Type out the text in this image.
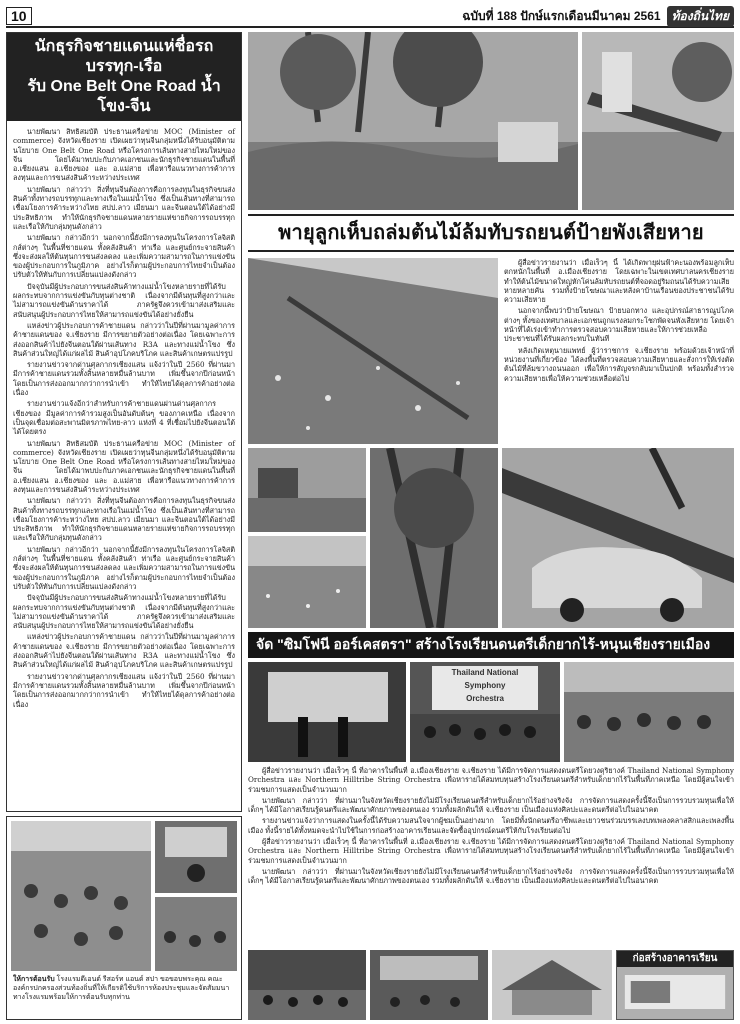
10	ฉบับที่ 188 ปักษ์แรกเดือนมีนาคม 2561 ท้องถิ่นไทย
นักธุรกิจชายแดนแห่ชื่อรถบรรทุก-เรือ
รับ One Belt One Road น้ำโขง-จีน

นายพัฒนา สิทธิสมบัติ ประธานเครือข่าย MOC (Minister of commerce) จังหวัดเชียงราย เปิดเผยว่าทุนจีนกลุ่มหนึ่งได้รับอนุมัติตามนโยบาย One Belt One Road หรือโครงการเส้นทางสายไหมใหม่ของจีน โดยได้มาพบปะกับภาคเอกชนและนักธุรกิจชายแดนในพื้นที่ อ.เชียงแสน อ.เชียงของ และ อ.แม่สาย เพื่อหารือแนวทางการค้าการลงทุนและการขนส่งสินค้าระหว่างประเทศ

นายพัฒนา กล่าวว่า สิ่งที่ทุนจีนต้องการคือการลงทุนในธุรกิจขนส่งสินค้าทั้งทางรถบรรทุกและทางเรือในแม่น้ำโขง ซึ่งเป็นเส้นทางที่สามารถเชื่อมโยงการค้าระหว่างไทย สปป.ลาว เมียนมา และจีนตอนใต้ได้อย่างมีประสิทธิภาพ ทำให้นักธุรกิจชายแดนหลายรายแห่ขายกิจการรถบรรทุกและเรือให้กับกลุ่มทุนดังกล่าว

นายพัฒนา กล่าวอีกว่า นอกจากนี้ยังมีการลงทุนในโครงการโลจิสติกส์ต่างๆ ในพื้นที่ชายแดน ทั้งคลังสินค้า ท่าเรือ และศูนย์กระจายสินค้า ซึ่งจะส่งผลให้ต้นทุนการขนส่งลดลง และเพิ่มความสามารถในการแข่งขันของผู้ประกอบการในภูมิภาค อย่างไรก็ตามผู้ประกอบการไทยจำเป็นต้องปรับตัวให้ทันกับการเปลี่ยนแปลงดังกล่าว

ปัจจุบันมีผู้ประกอบการขนส่งสินค้าทางแม่น้ำโขงหลายรายที่ได้รับผลกระทบจากการแข่งขันกับทุนต่างชาติ เนื่องจากมีต้นทุนที่สูงกว่าและไม่สามารถแข่งขันด้านราคาได้ ภาครัฐจึงควรเข้ามาส่งเสริมและสนับสนุนผู้ประกอบการไทยให้สามารถแข่งขันได้อย่างยั่งยืน

แหล่งข่าวผู้ประกอบการค้าชายแดน กล่าวว่าในปีที่ผ่านมามูลค่าการค้าชายแดนของ จ.เชียงราย มีการขยายตัวอย่างต่อเนื่อง โดยเฉพาะการส่งออกสินค้าไปยังจีนตอนใต้ผ่านเส้นทาง R3A และทางแม่น้ำโขง ซึ่งสินค้าส่วนใหญ่ได้แก่ผลไม้ สินค้าอุปโภคบริโภค และสินค้าเกษตรแปรรูป

รายงานข่าวจากด่านศุลกากรเชียงแสน แจ้งว่าในปี 2560 ที่ผ่านมามีการค้าชายแดนรวมทั้งสิ้นหลายหมื่นล้านบาท เพิ่มขึ้นจากปีก่อนหน้า โดยเป็นการส่งออกมากกว่าการนำเข้า ทำให้ไทยได้ดุลการค้าอย่างต่อเนื่อง

รายงานข่าวแจ้งอีกว่าสำหรับการค้าชายแดนผ่านด่านศุลกากรเชียงของ มีมูลค่าการค้ารวมสูงเป็นอันดับต้นๆ ของภาคเหนือ เนื่องจากเป็นจุดเชื่อมต่อสะพานมิตรภาพไทย-ลาว แห่งที่ 4 ที่เชื่อมไปยังจีนตอนใต้ได้โดยตรง

นายพัฒนา สิทธิสมบัติ ประธานเครือข่าย MOC (Minister of commerce) จังหวัดเชียงราย เปิดเผยว่าทุนจีนกลุ่มหนึ่งได้รับอนุมัติตามนโยบาย One Belt One Road หรือโครงการเส้นทางสายไหมใหม่ของจีน โดยได้มาพบปะกับภาคเอกชนและนักธุรกิจชายแดนในพื้นที่ อ.เชียงแสน อ.เชียงของ และ อ.แม่สาย เพื่อหารือแนวทางการค้าการลงทุนและการขนส่งสินค้าระหว่างประเทศ

นายพัฒนา กล่าวว่า สิ่งที่ทุนจีนต้องการคือการลงทุนในธุรกิจขนส่งสินค้าทั้งทางรถบรรทุกและทางเรือในแม่น้ำโขง ซึ่งเป็นเส้นทางที่สามารถเชื่อมโยงการค้าระหว่างไทย สปป.ลาว เมียนมา และจีนตอนใต้ได้อย่างมีประสิทธิภาพ ทำให้นักธุรกิจชายแดนหลายรายแห่ขายกิจการรถบรรทุกและเรือให้กับกลุ่มทุนดังกล่าว

นายพัฒนา กล่าวอีกว่า นอกจากนี้ยังมีการลงทุนในโครงการโลจิสติกส์ต่างๆ ในพื้นที่ชายแดน ทั้งคลังสินค้า ท่าเรือ และศูนย์กระจายสินค้า ซึ่งจะส่งผลให้ต้นทุนการขนส่งลดลง และเพิ่มความสามารถในการแข่งขันของผู้ประกอบการในภูมิภาค อย่างไรก็ตามผู้ประกอบการไทยจำเป็นต้องปรับตัวให้ทันกับการเปลี่ยนแปลงดังกล่าว

ปัจจุบันมีผู้ประกอบการขนส่งสินค้าทางแม่น้ำโขงหลายรายที่ได้รับผลกระทบจากการแข่งขันกับทุนต่างชาติ เนื่องจากมีต้นทุนที่สูงกว่าและไม่สามารถแข่งขันด้านราคาได้ ภาครัฐจึงควรเข้ามาส่งเสริมและสนับสนุนผู้ประกอบการไทยให้สามารถแข่งขันได้อย่างยั่งยืน

แหล่งข่าวผู้ประกอบการค้าชายแดน กล่าวว่าในปีที่ผ่านมามูลค่าการค้าชายแดนของ จ.เชียงราย มีการขยายตัวอย่างต่อเนื่อง โดยเฉพาะการส่งออกสินค้าไปยังจีนตอนใต้ผ่านเส้นทาง R3A และทางแม่น้ำโขง ซึ่งสินค้าส่วนใหญ่ได้แก่ผลไม้ สินค้าอุปโภคบริโภค และสินค้าเกษตรแปรรูป

รายงานข่าวจากด่านศุลกากรเชียงแสน แจ้งว่าในปี 2560 ที่ผ่านมามีการค้าชายแดนรวมทั้งสิ้นหลายหมื่นล้านบาท เพิ่มขึ้นจากปีก่อนหน้า โดยเป็นการส่งออกมากกว่าการนำเข้า ทำให้ไทยได้ดุลการค้าอย่างต่อเนื่อง

พายุลูกเห็บถล่มต้นไม้ล้มทับรถยนต์ป้ายพังเสียหาย

ผู้สื่อข่าวรายงานว่า เมื่อเร็วๆ นี้ ได้เกิดพายุฝนฟ้าคะนองพร้อมลูกเห็บตกหนักในพื้นที่ อ.เมืองเชียงราย โดยเฉพาะในเขตเทศบาลนครเชียงราย ทำให้ต้นไม้ขนาดใหญ่หักโค่นล้มทับรถยนต์ที่จอดอยู่ริมถนนได้รับความเสียหายหลายคัน รวมทั้งป้ายโฆษณาและหลังคาบ้านเรือนของประชาชนได้รับความเสียหาย

นอกจากนี้พบว่าป้ายโฆษณา ป้ายบอกทาง และอุปกรณ์สาธารณูปโภคต่างๆ ทั้งของเทศบาลและเอกชนถูกแรงลมกระโชกพัดจนพังเสียหาย โดยเจ้าหน้าที่ได้เร่งเข้าทำการตรวจสอบความเสียหายและให้การช่วยเหลือประชาชนที่ได้รับผลกระทบในทันที

หลังเกิดเหตุนายแพทย์ ผู้ว่าราชการ จ.เชียงราย พร้อมด้วยเจ้าหน้าที่หน่วยงานที่เกี่ยวข้อง ได้ลงพื้นที่ตรวจสอบความเสียหายและสั่งการให้เร่งตัดต้นไม้ที่ล้มขวางถนนออก เพื่อให้การสัญจรกลับมาเป็นปกติ พร้อมทั้งสำรวจความเสียหายเพื่อให้ความช่วยเหลือต่อไป

จัด "ซิมโฟนี ออร์เคสตรา" สร้างโรงเรียนดนตรีเด็กยากไร้-หนุนเชียงรายเมือง
Thailand National
Symphony
Orchestra

ผู้สื่อข่าวรายงานว่า เมื่อเร็วๆ นี้ ที่อาคารในพื้นที่ อ.เมืองเชียงราย จ.เชียงราย ได้มีการจัดการแสดงดนตรีโดยวงดุริยางค์ Thailand National Symphony Orchestra และ Northern Hilltribe String Orchestra เพื่อหารายได้สมทบทุนสร้างโรงเรียนดนตรีสำหรับเด็กยากไร้ในพื้นที่ภาคเหนือ โดยมีผู้สนใจเข้าร่วมชมการแสดงเป็นจำนวนมาก

นายพัฒนา กล่าวว่า ที่ผ่านมาในจังหวัดเชียงรายยังไม่มีโรงเรียนดนตรีสำหรับเด็กยากไร้อย่างจริงจัง การจัดการแสดงครั้งนี้จึงเป็นการรวบรวมทุนเพื่อให้เด็กๆ ได้มีโอกาสเรียนรู้ดนตรีและพัฒนาศักยภาพของตนเอง รวมทั้งผลักดันให้ จ.เชียงราย เป็นเมืองแห่งศิลปะและดนตรีต่อไปในอนาคต

รายงานข่าวแจ้งว่าการแสดงในครั้งนี้ได้รับความสนใจจากผู้ชมเป็นอย่างมาก โดยมีทั้งนักดนตรีอาชีพและเยาวชนร่วมบรรเลงบทเพลงคลาสสิกและเพลงพื้นเมือง ทั้งนี้รายได้ทั้งหมดจะนำไปใช้ในการก่อสร้างอาคารเรียนและจัดซื้ออุปกรณ์ดนตรีให้กับโรงเรียนต่อไป

ผู้สื่อข่าวรายงานว่า เมื่อเร็วๆ นี้ ที่อาคารในพื้นที่ อ.เมืองเชียงราย จ.เชียงราย ได้มีการจัดการแสดงดนตรีโดยวงดุริยางค์ Thailand National Symphony Orchestra และ Northern Hilltribe String Orchestra เพื่อหารายได้สมทบทุนสร้างโรงเรียนดนตรีสำหรับเด็กยากไร้ในพื้นที่ภาคเหนือ โดยมีผู้สนใจเข้าร่วมชมการแสดงเป็นจำนวนมาก

นายพัฒนา กล่าวว่า ที่ผ่านมาในจังหวัดเชียงรายยังไม่มีโรงเรียนดนตรีสำหรับเด็กยากไร้อย่างจริงจัง การจัดการแสดงครั้งนี้จึงเป็นการรวบรวมทุนเพื่อให้เด็กๆ ได้มีโอกาสเรียนรู้ดนตรีและพัฒนาศักยภาพของตนเอง รวมทั้งผลักดันให้ จ.เชียงราย เป็นเมืองแห่งศิลปะและดนตรีต่อไปในอนาคต

ก่อสร้างอาคารเรียน
ให้การต้อนรับ โรงแรมดีเอนต์ รีสอร์ท แอนด์ สปา ขอขอบพระคุณ คณะองค์กรปกครองส่วนท้องถิ่นที่ให้เกียรติใช้บริการห้องประชุมและจัดสัมมนา ทางโรงแรมพร้อมให้การต้อนรับทุกท่าน
